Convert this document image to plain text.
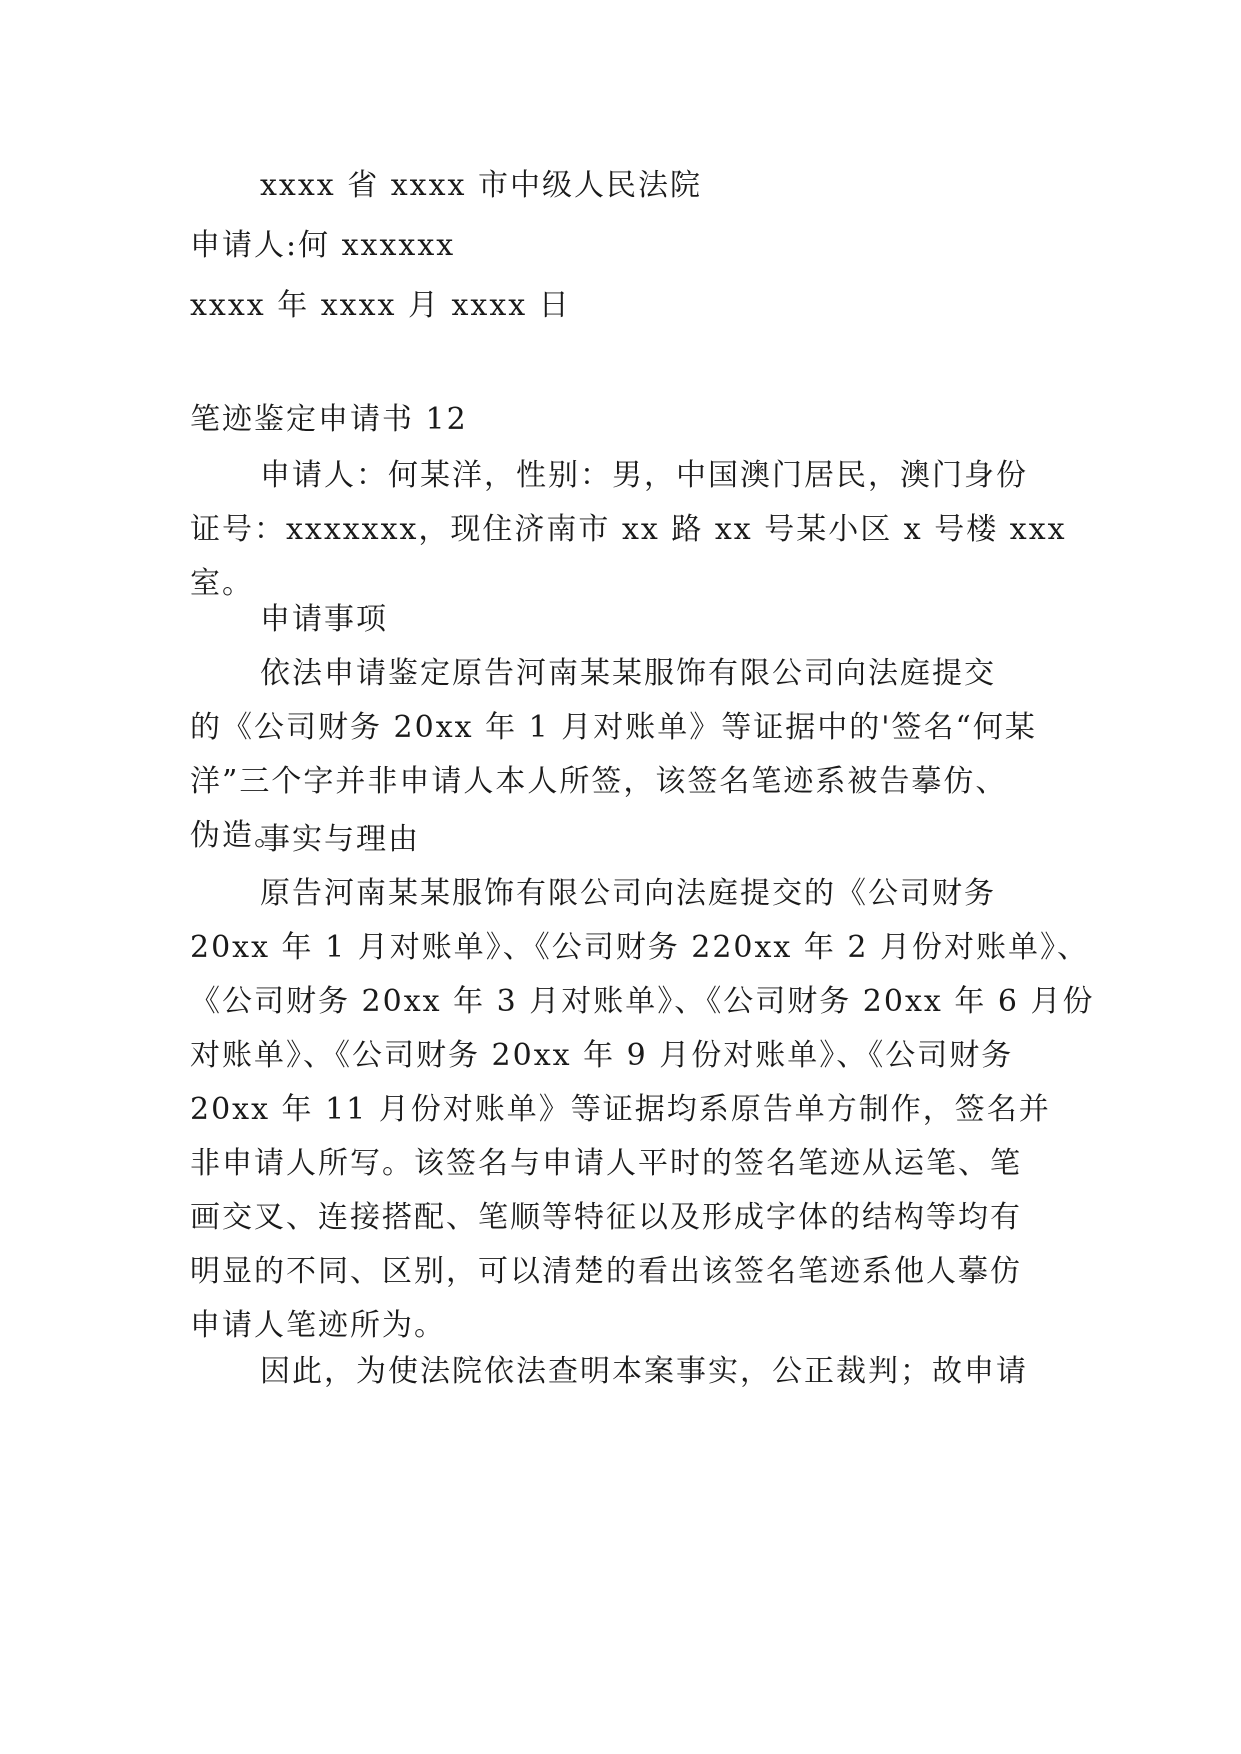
xxxx 省 xxxx 市中级人民法院
申请人:何 xxxxxx
xxxx 年 xxxx 月 xxxx 日
笔迹鉴定申请书 12
申请人：何某洋，性别：男，中国澳门居民，澳门身份
证号：xxxxxxx，现住济南市 xx 路 xx 号某小区 x 号楼 xxx
室。
申请事项
依法申请鉴定原告河南某某服饰有限公司向法庭提交
的《公司财务 20xx 年 1 月对账单》等证据中的'签名“何某
洋”三个字并非申请人本人所签，该签名笔迹系被告摹仿、
伪造。
事实与理由
原告河南某某服饰有限公司向法庭提交的《公司财务
20xx 年 1 月对账单》、《公司财务 220xx 年 2 月份对账单》、
《公司财务 20xx 年 3 月对账单》、《公司财务 20xx 年 6 月份
对账单》、《公司财务 20xx 年 9 月份对账单》、《公司财务
20xx 年 11 月份对账单》等证据均系原告单方制作，签名并
非申请人所写。该签名与申请人平时的签名笔迹从运笔、笔
画交叉、连接搭配、笔顺等特征以及形成字体的结构等均有
明显的不同、区别，可以清楚的看出该签名笔迹系他人摹仿
申请人笔迹所为。
因此，为使法院依法查明本案事实，公正裁判；故申请
